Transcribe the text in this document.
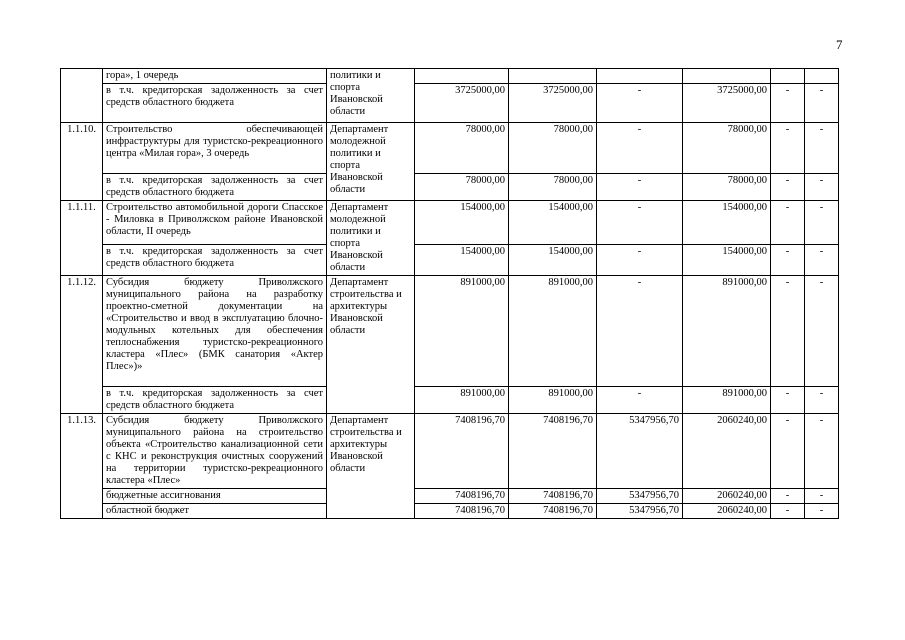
7
	гора», 1 очередь	политики и спорта Ивановской области						
	в т.ч. кредиторская задолженность за счет средств областного бюджета		3725000,00	3725000,00	-	3725000,00	-	-
1.1.10.	Строительство обеспечивающей инфраструктуры для туристско-рекреационного центра «Милая гора», 3 очередь	Департамент молодежной политики и спорта Ивановской области	78000,00	78000,00	-	78000,00	-	-
	в т.ч. кредиторская задолженность за счет средств областного бюджета		78000,00	78000,00	-	78000,00	-	-
1.1.11.	Строительство автомобильной дороги Спасское - Миловка в Приволжском районе Ивановской области, II очередь	Департамент молодежной политики и спорта Ивановской области	154000,00	154000,00	-	154000,00	-	-
	в т.ч. кредиторская задолженность за счет средств областного бюджета		154000,00	154000,00	-	154000,00	-	-
1.1.12.	Субсидия бюджету Приволжского муниципального района на разработку проектно-сметной документации на «Строительство и ввод в эксплуатацию блочно-модульных котельных для обеспечения теплоснабжения туристско-рекреационного кластера «Плес» (БМК санатория «Актер Плес»)»	Департамент строительства и архитектуры Ивановской области	891000,00	891000,00	-	891000,00	-	-
	в т.ч. кредиторская задолженность за счет средств областного бюджета		891000,00	891000,00	-	891000,00	-	-
1.1.13.	Субсидия бюджету Приволжского муниципального района на строительство объекта «Строительство канализационной сети с КНС и реконструкция очистных сооружений на территории туристско-рекреационного кластера «Плес»	Департамент строительства и архитектуры Ивановской области	7408196,70	7408196,70	5347956,70	2060240,00	-	-
	бюджетные ассигнования		7408196,70	7408196,70	5347956,70	2060240,00	-	-
	областной бюджет		7408196,70	7408196,70	5347956,70	2060240,00	-	-
